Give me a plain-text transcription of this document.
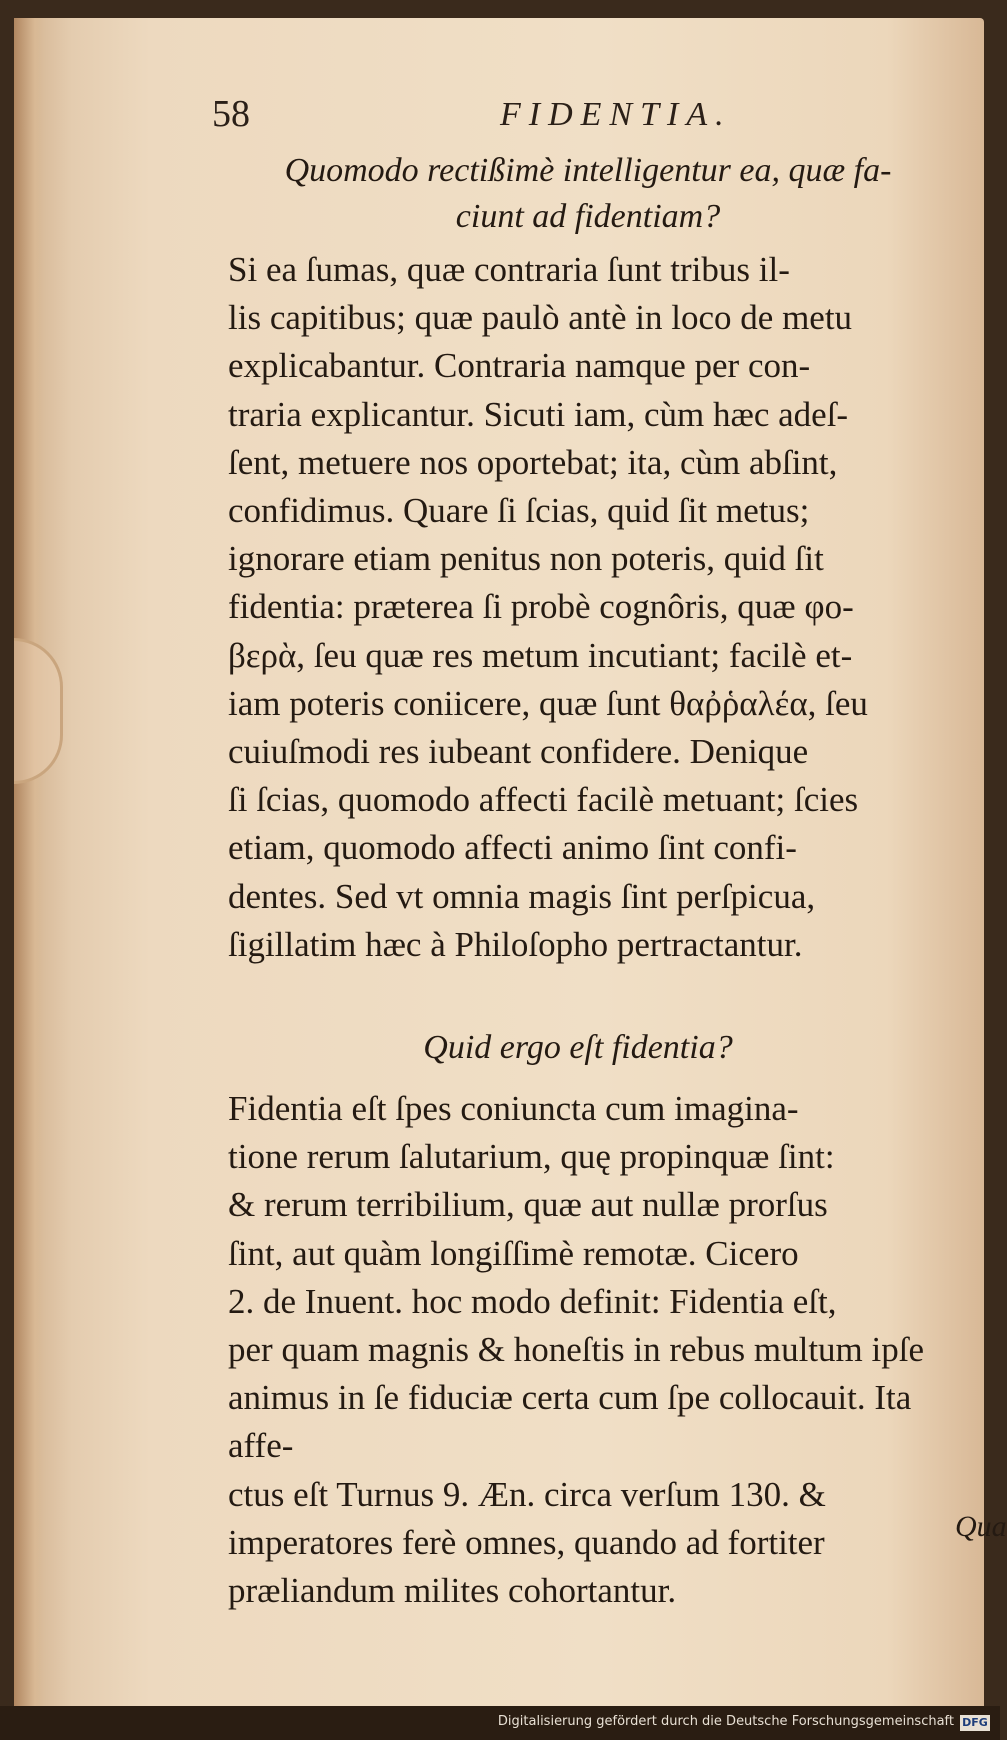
58	FIDENTIA.

Quomodo rectißimè intelligentur ea, quæ fa-
ciunt ad fidentiam?

Si ea ſumas, quæ contraria ſunt tribus il-
lis capitibus; quæ paulò antè in loco de metu
explicabantur. Contraria namque per con-
traria explicantur. Sicuti iam, cùm hæc adeſ-
ſent, metuere nos oportebat; ita, cùm abſint,
confidimus. Quare ſi ſcias, quid ſit metus;
ignorare etiam penitus non poteris, quid ſit
fidentia: præterea ſi probè cognôris, quæ φο-
βερὰ, ſeu quæ res metum incutiant; facilè et-
iam poteris coniicere, quæ ſunt θαῤῥαλέα, ſeu
cuiuſmodi res iubeant confidere. Denique
ſi ſcias, quomodo affecti facilè metuant; ſcies
etiam, quomodo affecti animo ſint confi-
dentes. Sed vt omnia magis ſint perſpicua,
ſigillatim hæc à Philoſopho pertractantur.

Quid ergo eſt fidentia?

Fidentia eſt ſpes coniuncta cum imagina-
tione rerum ſalutarium, quę propinquæ ſint:
& rerum terribilium, quæ aut nullæ prorſus
ſint, aut quàm longiſſimè remotæ. Cicero
2. de Inuent. hoc modo definit: Fidentia eſt,
per quam magnis & honeſtis in rebus multum ipſe
animus in ſe fiduciæ certa cum ſpe collocauit. Ita affe-
ctus eſt Turnus 9. Æn. circa verſum 130. &
imperatores ferè omnes, quando ad fortiter
præliandum milites cohortantur.

Qua
Digitalisierung gefördert durch die Deutsche Forschungsgemeinschaft DFG
